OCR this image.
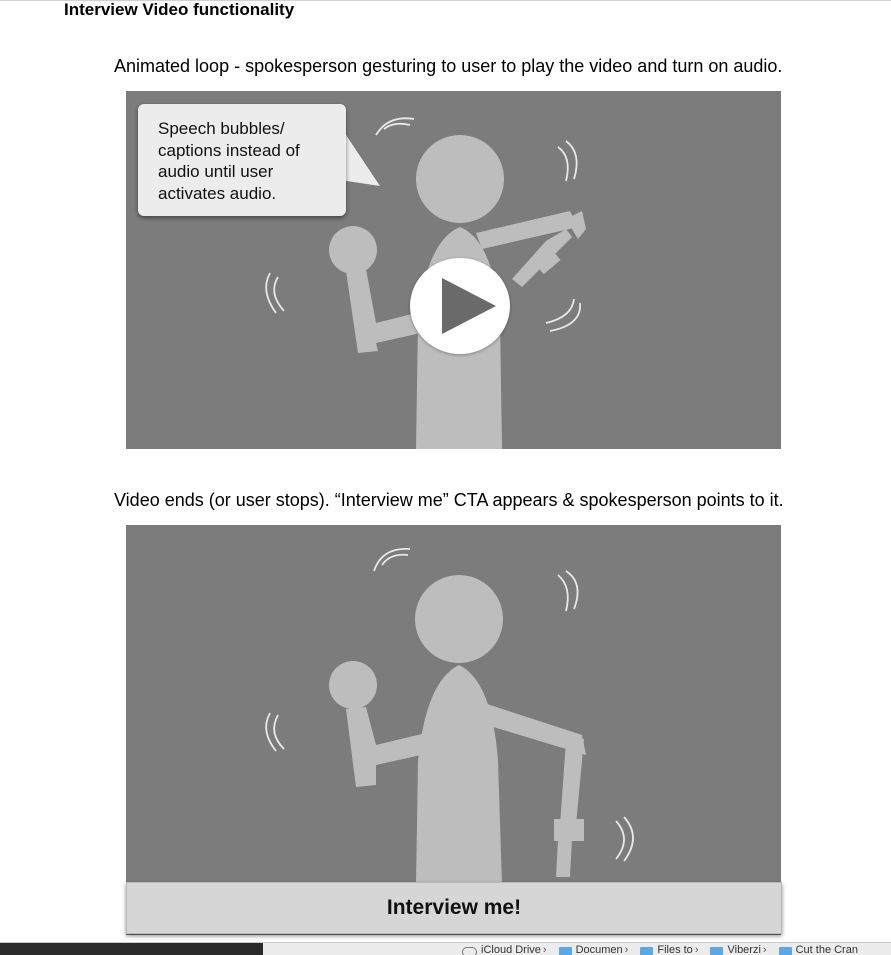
Interview Video functionality
Animated loop - spokesperson gesturing to user to play the video and turn on audio.
Speech bubbles/ captions instead of audio until user activates audio.
Video ends (or user stops). “Interview me” CTA appears & spokesperson points to it.
Interview me!
iCloud Drive ›	Documen ›	Files to ›	Viberzi ›	Cut the Cran
